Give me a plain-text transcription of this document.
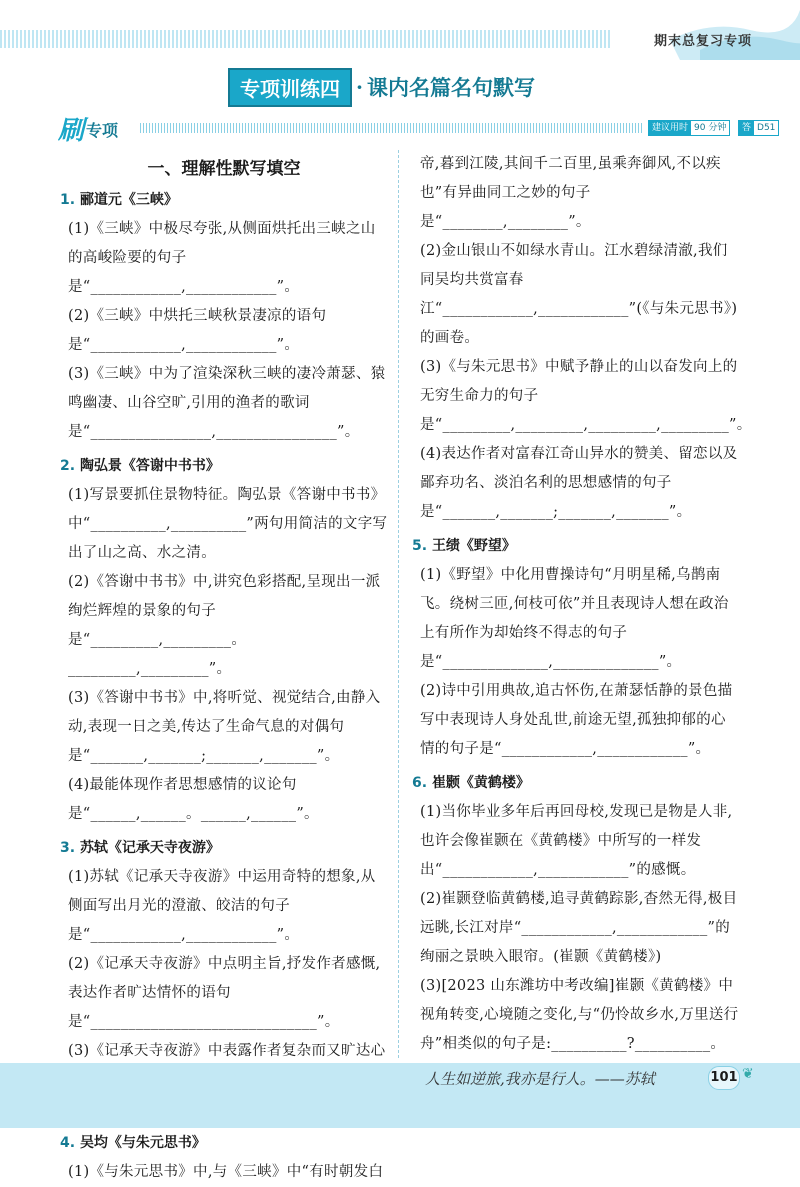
期末总复习专项
专项训练四 · 课内名篇名句默写
刷 专项	建议用时 90 分钟	答案
D51
一、理解性默写填空
1. 郦道元《三峡》
(1)《三峡》中极尽夸张,从侧面烘托出三峡之山的高峻险要的句子是“____________,____________”。
(2)《三峡》中烘托三峡秋景凄凉的语句是“____________,____________”。
(3)《三峡》中为了渲染深秋三峡的凄冷萧瑟、猿鸣幽凄、山谷空旷,引用的渔者的歌词是“________________,________________”。
2. 陶弘景《答谢中书书》
(1)写景要抓住景物特征。陶弘景《答谢中书书》中“__________,__________”两句用简洁的文字写出了山之高、水之清。
(2)《答谢中书书》中,讲究色彩搭配,呈现出一派绚烂辉煌的景象的句子是“_________,_________。_________,_________”。
(3)《答谢中书书》中,将听觉、视觉结合,由静入动,表现一日之美,传达了生命气息的对偶句是“_______,_______;_______,_______”。
(4)最能体现作者思想感情的议论句是“______,______。______,______”。
3. 苏轼《记承天寺夜游》
(1)苏轼《记承天寺夜游》中运用奇特的想象,从侧面写出月光的澄澈、皎洁的句子是“____________,____________”。
(2)《记承天寺夜游》中点明主旨,抒发作者感慨,表达作者旷达情怀的语句是“______________________________”。
(3)《记承天寺夜游》中表露作者复杂而又旷达心
4. 吴均《与朱元思书》
(1)《与朱元思书》中,与《三峡》中“有时朝发白
帝,暮到江陵,其间千二百里,虽乘奔御风,不以疾也”有异曲同工之妙的句子是“________,________”。
(2)金山银山不如绿水青山。江水碧绿清澈,我们同吴均共赏富春江“____________,____________”(《与朱元思书》)的画卷。
(3)《与朱元思书》中赋予静止的山以奋发向上的无穷生命力的句子是“_________,_________,_________,_________”。
(4)表达作者对富春江奇山异水的赞美、留恋以及鄙弃功名、淡泊名利的思想感情的句子是“_______,_______;_______,_______”。
5. 王绩《野望》
(1)《野望》中化用曹操诗句“月明星稀,乌鹊南飞。绕树三匝,何枝可依”并且表现诗人想在政治上有所作为却始终不得志的句子是“______________,______________”。
(2)诗中引用典故,追古怀伤,在萧瑟恬静的景色描写中表现诗人身处乱世,前途无望,孤独抑郁的心情的句子是“____________,____________”。
6. 崔颢《黄鹤楼》
(1)当你毕业多年后再回母校,发现已是物是人非,也许会像崔颢在《黄鹤楼》中所写的一样发出“____________,____________”的感慨。
(2)崔颢登临黄鹤楼,追寻黄鹤踪影,杳然无得,极目远眺,长江对岸“____________,____________”的绚丽之景映入眼帘。(崔颢《黄鹤楼》)
(3)[2023 山东潍坊中考改编]崔颢《黄鹤楼》中视角转变,心境随之变化,与“仍怜故乡水,万里送行舟”相类似的句子是:__________?__________。
人生如逆旅,我亦是行人。——苏轼	101 ❦
